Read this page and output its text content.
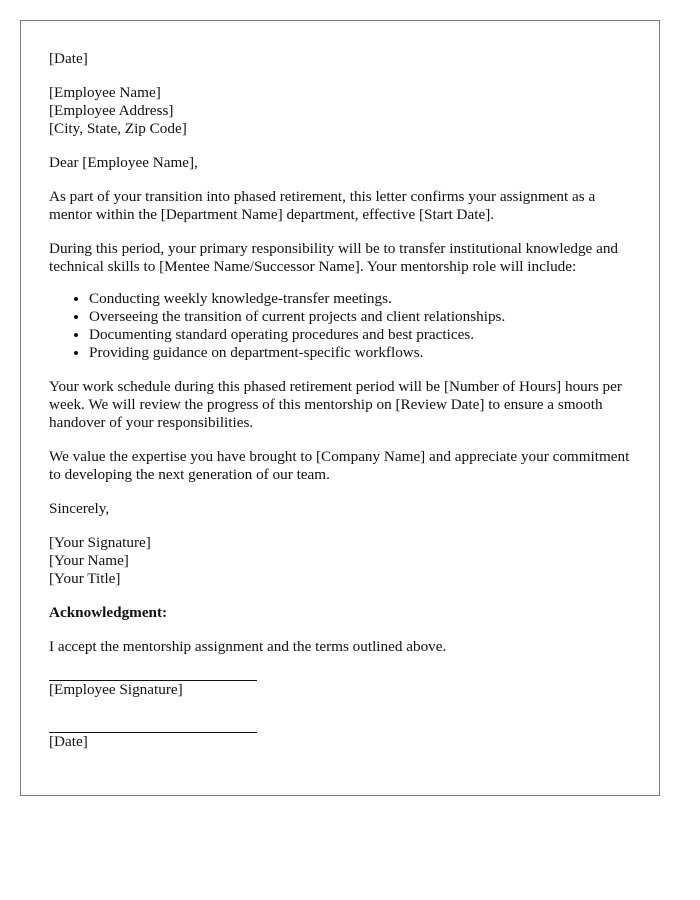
[Date]

[Employee Name]
[Employee Address]
[City, State, Zip Code]

Dear [Employee Name],

As part of your transition into phased retirement, this letter confirms your assignment as a mentor within the [Department Name] department, effective [Start Date].

During this period, your primary responsibility will be to transfer institutional knowledge and technical skills to [Mentee Name/Successor Name]. Your mentorship role will include:

• Conducting weekly knowledge-transfer meetings.
• Overseeing the transition of current projects and client relationships.
• Documenting standard operating procedures and best practices.
• Providing guidance on department-specific workflows.

Your work schedule during this phased retirement period will be [Number of Hours] hours per week. We will review the progress of this mentorship on [Review Date] to ensure a smooth handover of your responsibilities.

We value the expertise you have brought to [Company Name] and appreciate your commitment to developing the next generation of our team.

Sincerely,

[Your Signature]
[Your Name]
[Your Title]

Acknowledgment:

I accept the mentorship assignment and the terms outlined above.

[Employee Signature]
[Date]
